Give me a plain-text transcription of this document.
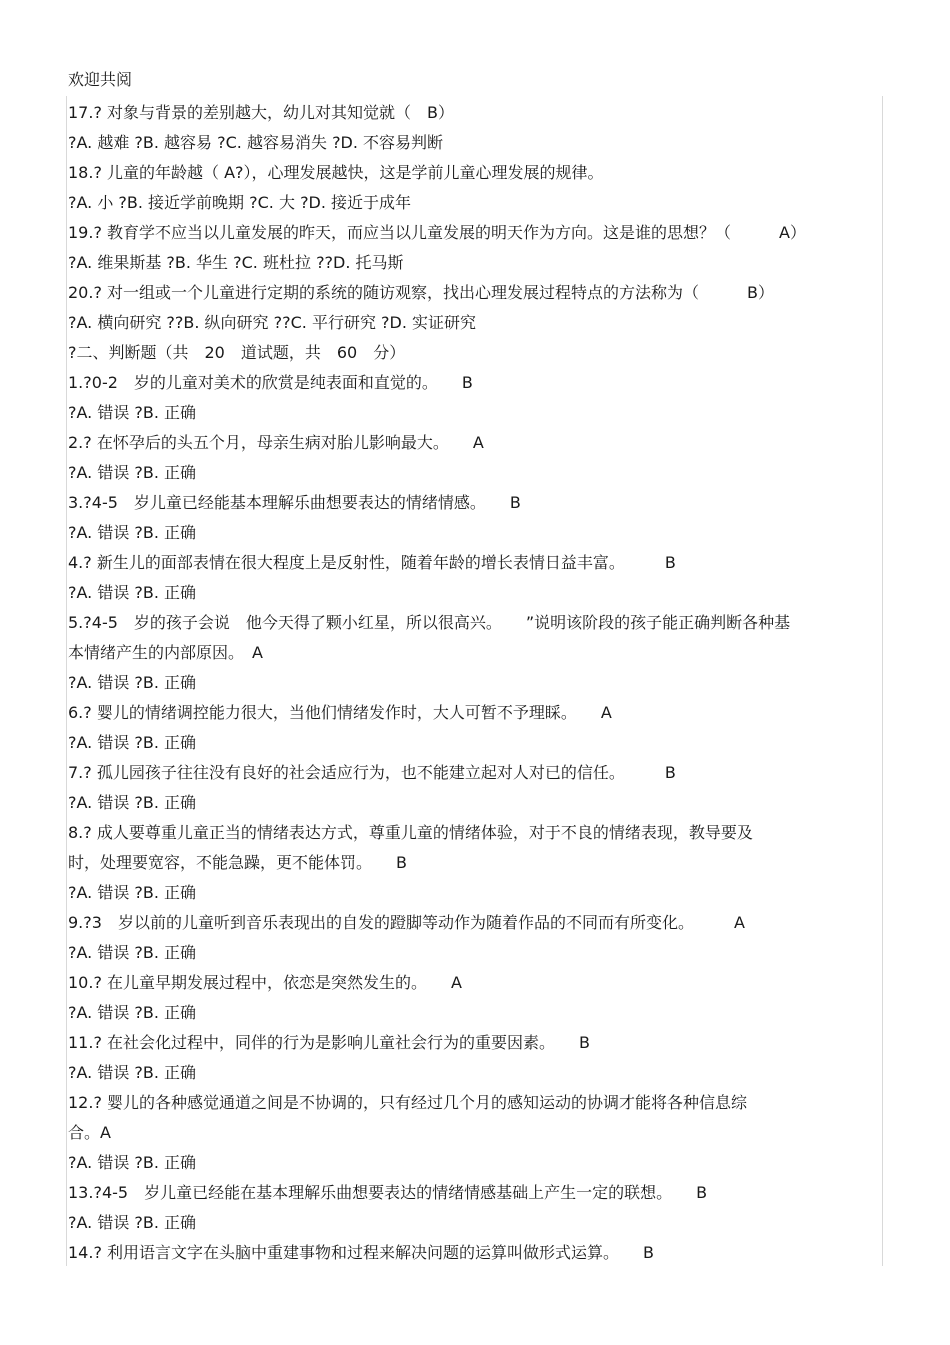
欢迎共阅
17.? 对象与背景的差别越大，幼儿对其知觉就（　B）
?A. 越难 ?B. 越容易 ?C. 越容易消失 ?D. 不容易判断
18.? 儿童的年龄越（ A?），心理发展越快，这是学前儿童心理发展的规律。
?A. 小 ?B. 接近学前晚期 ?C. 大 ?D. 接近于成年
19.? 教育学不应当以儿童发展的昨天，而应当以儿童发展的明天作为方向。这是谁的思想？（　　　A）
?A. 维果斯基 ?B. 华生 ?C. 班杜拉 ??D. 托马斯
20.? 对一组或一个儿童进行定期的系统的随访观察，找出心理发展过程特点的方法称为（　　　B）
?A. 横向研究 ??B. 纵向研究 ??C. 平行研究 ?D. 实证研究
?二、判断题（共　20　道试题，共　60　分）
1.?0-2　岁的儿童对美术的欣赏是纯表面和直觉的。　　B
?A. 错误 ?B. 正确
2.? 在怀孕后的头五个月，母亲生病对胎儿影响最大。　　A
?A. 错误 ?B. 正确
3.?4-5　岁儿童已经能基本理解乐曲想要表达的情绪情感。　　B
?A. 错误 ?B. 正确
4.? 新生儿的面部表情在很大程度上是反射性，随着年龄的增长表情日益丰富。　　　B
?A. 错误 ?B. 正确
5.?4-5　岁的孩子会说　他今天得了颗小红星，所以很高兴。　　”说明该阶段的孩子能正确判断各种基
本情绪产生的内部原因。　A
?A. 错误 ?B. 正确
6.? 婴儿的情绪调控能力很大，当他们情绪发作时，大人可暂不予理睬。　　A
?A. 错误 ?B. 正确
7.? 孤儿园孩子往往没有良好的社会适应行为，也不能建立起对人对已的信任。　　　B
?A. 错误 ?B. 正确
8.? 成人要尊重儿童正当的情绪表达方式，尊重儿童的情绪体验，对于不良的情绪表现，教导要及
时，处理要宽容，不能急躁，更不能体罚。　　B
?A. 错误 ?B. 正确
9.?3　岁以前的儿童听到音乐表现出的自发的蹬脚等动作为随着作品的不同而有所变化。　　　A
?A. 错误 ?B. 正确
10.? 在儿童早期发展过程中，依恋是突然发生的。　　A
?A. 错误 ?B. 正确
11.? 在社会化过程中，同伴的行为是影响儿童社会行为的重要因素。　　B
?A. 错误 ?B. 正确
12.? 婴儿的各种感觉通道之间是不协调的，只有经过几个月的感知运动的协调才能将各种信息综
合。A
?A. 错误 ?B. 正确
13.?4-5　岁儿童已经能在基本理解乐曲想要表达的情绪情感基础上产生一定的联想。　　B
?A. 错误 ?B. 正确
14.? 利用语言文字在头脑中重建事物和过程来解决问题的运算叫做形式运算。　　B
